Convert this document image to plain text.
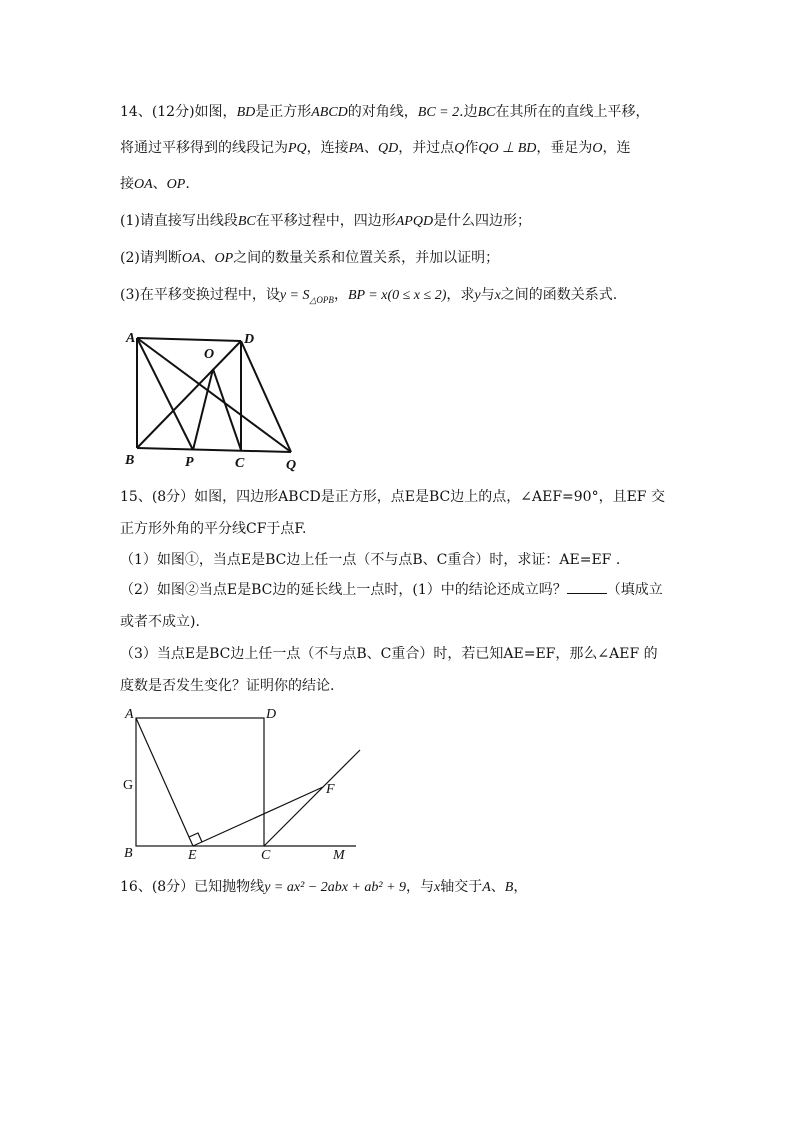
14、(12分)如图，BD是正方形ABCD的对角线，BC = 2.边BC在其所在的直线上平移，
将通过平移得到的线段记为PQ，连接PA、QD，并过点Q作QO ⊥ BD，垂足为O，连
接OA、OP.
(1)请直接写出线段BC在平移过程中，四边形APQD是什么四边形；
(2)请判断OA、OP之间的数量关系和位置关系，并加以证明；
(3)在平移变换过程中，设$y = S_{\triangle OPB}$，BP = x(0 ≤ x ≤ 2)，求y与x之间的函数关系式.
A	D
O
B	P	C	Q
15、(8分）如图，四边形ABCD是正方形，点E是BC边上的点，∠AEF=90°，且EF 交
正方形外角的平分线CF于点F.
（1）如图①，当点E是BC边上任一点（不与点B、C重合）时，求证：AE=EF .
（2）如图②当点E是BC边的延长线上一点时，(1）中的结论还成立吗？	（填成立
或者不成立).
（3）当点E是BC边上任一点（不与点B、C重合）时，若已知AE=EF，那么∠AEF 的
度数是否发生变化？证明你的结论.
A	D
G	F
B	E	C	M
16、(8分）已知抛物线y = ax² − 2abx + ab² + 9，与x轴交于A、B，
